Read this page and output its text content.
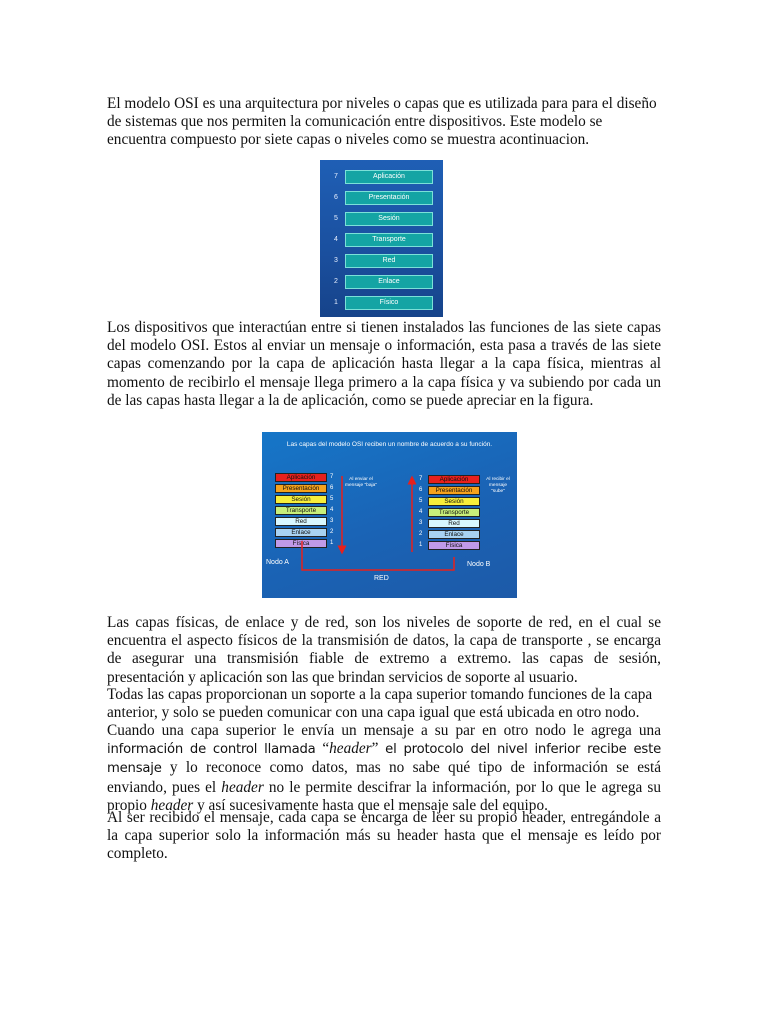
El modelo OSI es una arquitectura por niveles o capas que es utilizada para para el diseño de sistemas que nos permiten la comunicación entre dispositivos. Este modelo se encuentra compuesto por siete capas o niveles como se muestra acontinuacion.

7	Aplicación
6	Presentación
5	Sesión
4	Transporte
3	Red
2	Enlace
1	Físico

Los dispositivos que interactúan entre si tienen instalados las funciones de las siete capas del modelo OSI. Estos al enviar un mensaje o información, esta pasa a través de las siete capas comenzando por la capa de aplicación hasta llegar a la capa física, mientras al momento de recibirlo el mensaje llega primero a la capa física y va subiendo por cada un de las capas hasta llegar a la de aplicación, como se puede apreciar en la figura.

Las capas del modelo OSI reciben un nombre de acuerdo a su función.
Aplicación
Presentación
Sesión
Transporte
Red
Enlace
Física
7
6
5
4
3
2
1
Al enviar el mensaje "baja"
Aplicación
Presentación
Sesión
Transporte
Red
Enlace
Física
7
6
5
4
3
2
1
Al recibir el mensaje "sube"
Nodo A	Nodo B
RED

Las capas físicas, de enlace y de red, son los niveles de soporte de red, en el cual se encuentra el aspecto físicos de la transmisión de datos, la capa de transporte , se encarga de asegurar una transmisión fiable de extremo a extremo. las capas de sesión, presentación y aplicación son las que brindan servicios de soporte al usuario.

Todas las capas proporcionan un soporte a la capa superior tomando funciones de la capa anterior, y solo se pueden comunicar con una capa igual que está ubicada en otro nodo.

Cuando una capa superior le envía un mensaje a su par en otro nodo le agrega una información de control llamada “header” el protocolo del nivel inferior recibe este mensaje y lo reconoce como datos, mas no sabe qué tipo de información se está enviando, pues el header no le permite descifrar la información, por lo que le agrega su propio header y así sucesivamente hasta que el mensaje sale del equipo.

Al ser recibido el mensaje, cada capa se encarga de leer su propio header, entregándole a la capa superior solo la información más su header hasta que el mensaje es leído por completo.
